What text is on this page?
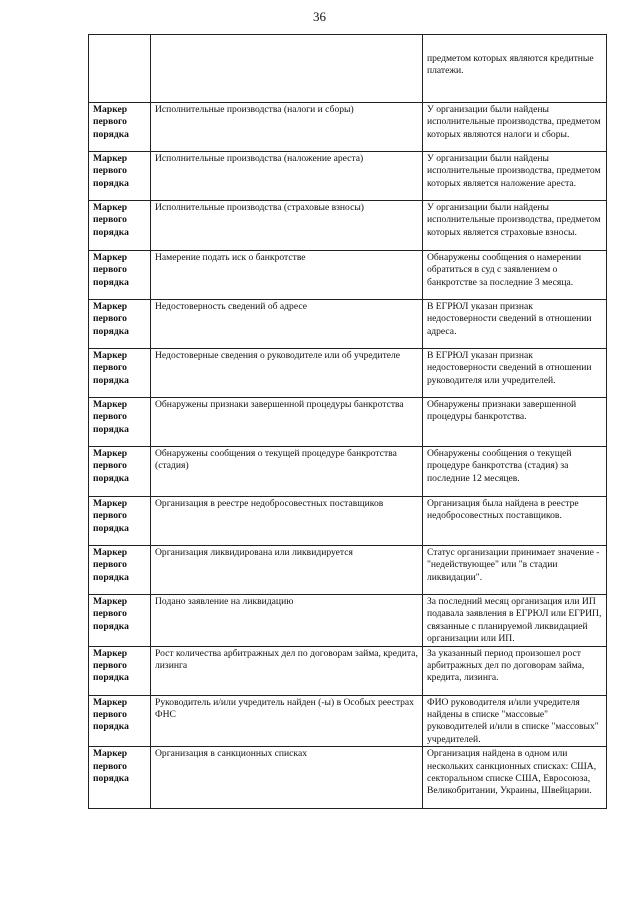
36
		предметом которых являются кредитные платежи.
Маркер первого порядка	Исполнительные производства (налоги и сборы)	У организации были найдены исполнительные производства, предметом которых являются налоги и сборы.
Маркер первого порядка	Исполнительные производства (наложение ареста)	У организации были найдены исполнительные производства, предметом которых является наложение ареста.
Маркер первого порядка	Исполнительные производства (страховые взносы)	У организации были найдены исполнительные производства, предметом которых является страховые взносы.
Маркер первого порядка	Намерение подать иск о банкротстве	Обнаружены сообщения о намерении обратиться в суд с заявлением о банкротстве за последние 3 месяца.
Маркер первого порядка	Недостоверность сведений об адресе	В ЕГРЮЛ указан признак недостоверности сведений в отношении адреса.
Маркер первого порядка	Недостоверные сведения о руководителе или об учредителе	В ЕГРЮЛ указан признак недостоверности сведений в отношении руководителя или учредителей.
Маркер первого порядка	Обнаружены признаки завершенной процедуры банкротства	Обнаружены признаки завершенной процедуры банкротства.
Маркер первого порядка	Обнаружены сообщения о текущей процедуре банкротства (стадия)	Обнаружены сообщения о текущей процедуре банкротства (стадия) за последние 12 месяцев.
Маркер первого порядка	Организация в реестре недобросовестных поставщиков	Организация была найдена в реестре недобросовестных поставщиков.
Маркер первого порядка	Организация ликвидирована или ликвидируется	Статус организации принимает значение - "недействующее" или "в стадии ликвидации".
Маркер первого порядка	Подано заявление на ликвидацию	За последний месяц организация или ИП подавала заявления в ЕГРЮЛ или ЕГРИП, связанные с планируемой ликвидацией организации или ИП.
Маркер первого порядка	Рост количества арбитражных дел по договорам займа, кредита, лизинга	За указанный период произошел рост арбитражных дел по договорам займа, кредита, лизинга.
Маркер первого порядка	Руководитель и/или учредитель найден (-ы) в Особых реестрах ФНС	ФИО руководителя и/или учредителя найдены в списке "массовые" руководителей и/или в списке "массовых" учредителей.
Маркер первого порядка	Организация в санкционных списках	Организация найдена в одном или нескольких санкционных списках: США, секторальном списке США, Евросоюза, Великобритании, Украины, Швейцарии.
